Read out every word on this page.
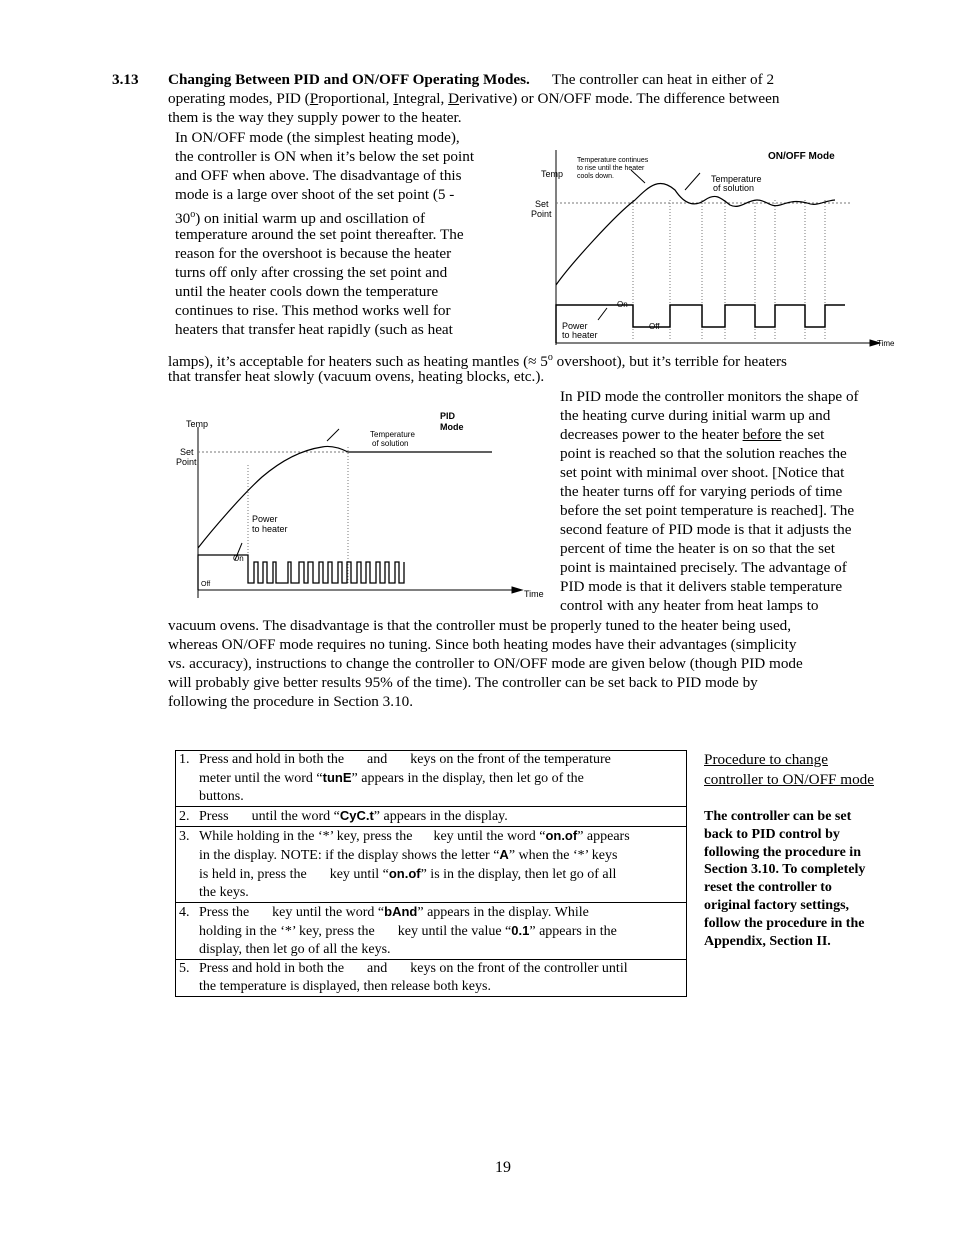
3.13 Changing Between PID and ON/OFF Operating Modes. The controller can heat in either of 2
operating modes, PID (Proportional, Integral, Derivative) or ON/OFF mode. The difference between
them is the way they supply power to the heater.
In ON/OFF mode (the simplest heating mode),
the controller is ON when it’s below the set point
and OFF when above. The disadvantage of this
mode is a large over shoot of the set point (5 -
30$^o$) on initial warm up and oscillation of
temperature around the set point thereafter. The
reason for the overshoot is because the heater
turns off only after crossing the set point and
until the heater cools down the temperature
continues to rise. This method works well for
heaters that transfer heat rapidly (such as heat
lamps), it’s acceptable for heaters such as heating mantles (≈ $5^o$ overshoot), but it’s terrible for heaters
that transfer heat slowly (vacuum ovens, heating blocks, etc.).
ON/OFF Mode
Temp
Set
Point
Temperature continues
to rise until the heater
cools down.	Temperature
of solution
Power
to heater
On
Off
Time
In PID mode the controller monitors the shape of
the heating curve during initial warm up and
decreases power to the heater before the set
point is reached so that the solution reaches the
set point with minimal over shoot. [Notice that
the heater turns off for varying periods of time
before the set point temperature is reached]. The
second feature of PID mode is that it adjusts the
percent of time the heater is on so that the set
point is maintained precisely. The advantage of
PID mode is that it delivers stable temperature
control with any heater from heat lamps to
vacuum ovens. The disadvantage is that the controller must be properly tuned to the heater being used,
whereas ON/OFF mode requires no tuning. Since both heating modes have their advantages (simplicity
vs. accuracy), instructions to change the controller to ON/OFF mode are given below (though PID mode
will probably give better results 95% of the time). The controller can be set back to PID mode by
following the procedure in Section 3.10.
PID
Mode
Temp
Set
Point
Temperature
of solution
Power
to heater
On
Off
Time
1. Press and hold in both the  and  keys on the front of the temperature
meter until the word “tunE” appears in the display, then let go of the
buttons.

2. Press  until the word “CyC.t” appears in the display.
3. While holding in the ‘*’ key, press the  key until the word “on.of” appears
in the display. NOTE: if the display shows the letter “A” when the ‘*’ keys
is held in, press the  key until “on.of” is in the display, then let go of all
the keys.

4. Press the  key until the word “bAnd” appears in the display. While
holding in the ‘*’ key, press the  key until the value “0.1” appears in the
display, then let go of all the keys.

5. Press and hold in both the  and  keys on the front of the controller until
the temperature is displayed, then release both keys.
Procedure to change
controller to ON/OFF mode
The controller can be set
back to PID control by
following the procedure in
Section 3.10. To completely
reset the controller to
original factory settings,
follow the procedure in the
Appendix, Section II.
19
